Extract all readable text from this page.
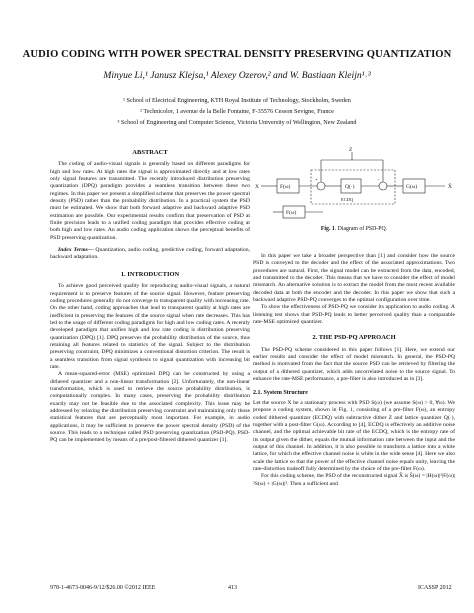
AUDIO CODING WITH POWER SPECTRAL DENSITY PRESERVING QUANTIZATION
Minyue Li,¹ Janusz Klejsa,¹ Alexey Ozerov,² and W. Bastiaan Kleijn¹˒³
¹ School of Electrical Engineering, KTH Royal Institute of Technology, Stockholm, Sweden
² Technicolor, 1 avenue de la Belle Fontaine, F-35576 Cesson Sevigne, France
³ School of Engineering and Computer Science, Victoria University of Wellington, New Zealand
ABSTRACT

The coding of audio-visual signals is generally based on different paradigms for high and low rates. At high rates the signal is approximated directly and at low rates only signal features are transmitted. The recently introduced distribution preserving quantization (DPQ) paradigm provides a seamless transition between these two regimes. In this paper we present a simplified scheme that preserves the power spectral density (PSD) rather than the probability distribution. In a practical system the PSD must be estimated. We show that both forward adaptive and backward adaptive PSD estimation are possible. Our experimental results confirm that preservation of PSD at finite precision leads to a unified coding paradigm that provides effective coding at both high and low rates. An audio coding application shows the perceptual benefits of PSD preserving quantization.

Index Terms— Quantization, audio coding, predictive coding, forward adaptation, backward adaptation.

1. INTRODUCTION

To achieve good perceived quality for reproducing audio-visual signals, a natural requirement is to preserve features of the source signal. However, feature preserving coding procedures generally do not converge to transparent quality with increasing rate. On the other hand, coding approaches that lead to transparent quality at high rates are inefficient in preserving the features of the source signal when rate decreases. This has led to the usage of different coding paradigms for high and low coding rates. A recently developed paradigm that unifies high and low rate coding is distribution preserving quantization (DPQ) [1]. DPQ preserves the probability distribution of the source, thus retaining all features related to statistics of the signal. Subject to the distribution preserving constraint, DPQ minimizes a conventional distortion criterion. The result is a seamless transition from signal synthesis to signal quantization with increasing bit rate.

A mean-squared-error (MSE) optimized DPQ can be constructed by using a dithered quantizer and a non-linear transformation [2]. Unfortunately, the non-linear transformation, which is used to retrieve the source probability distribution, is computationally complex. In many cases, preserving the probability distribution exactly may not be feasible due to the associated complexity. This issue may be addressed by relaxing the distribution preserving constraint and maintaining only those statistical features that are perceptually most important. For example, in audio applications, it may be sufficient to preserve the power spectral density (PSD) of the source. This leads to a technique called PSD preserving quantization (PSD-PQ). PSD-PQ can be implemented by means of a pre/post-filtered dithered quantizer [1].

X	F(ω)	Q(·)	G(ω)	X̂
Z
ECDQ
F(ω)
+	−
Fig. 1. Diagram of PSD-PQ.

In this paper we take a broader perspective than [1] and consider how the source PSD is conveyed to the decoder and the effect of the associated approximations. Two procedures are natural. First, the signal model can be extracted from the data, encoded, and transmitted to the decoder. This means that we have to consider the effect of model mismatch. An alternative solution is to extract the model from the most recent available decoded data at both the encoder and the decoder. In this paper we show that such a backward adaptive PSD-PQ converges to the optimal configuration over time.

To show the effectiveness of PSD-PQ we consider its application to audio coding. A listening test shows that PSD-PQ leads to better perceived quality than a comparable rate-MSE optimized quantizer.

2. THE PSD-PQ APPROACH

The PSD-PQ scheme considered in this paper follows [1]. Here, we extend our earlier results and consider the effect of model mismatch. In general, the PSD-PQ method is motivated from the fact that the source PSD can be retrieved by filtering the output of a dithered quantizer, which adds uncorrelated noise to the source signal. To enhance the rate-MSE performance, a pre-filter is also introduced as in [3].

2.1. System Structure

Let the source X be a stationary process with PSD S(ω) (we assume S(ω) > 0, ∀ω). We propose a coding system, shown in Fig. 1, consisting of a pre-filter F(ω), an entropy coded dithered quantizer (ECDQ) with subtractive dither Z and lattice quantizer Q(·), together with a post-filter G(ω). According to [4], ECDQ is effectively an additive noise channel, and the optimal achievable bit rate of the ECDQ, which is the entropy rate of its output given the dither, equals the mutual information rate between the input and the output of this channel. In addition, it is also possible to transform a lattice into a white lattice, for which the effective channel noise is white in the wide sense [4]. Here we also scale the lattice so that the power of the effective channel noise equals unity, leaving the rate-distortion tradeoff fully determined by the choice of the pre-filter F(ω).

For this coding scheme, the PSD of the reconstructed signal X̂ is Ŝ(ω) = |H(ω)|²|F(ω)|²S(ω) + |G(ω)|². Then a sufficient and

978-1-4673-0046-9/12/$26.00 ©2012 IEEE	413	ICASSP 2012
